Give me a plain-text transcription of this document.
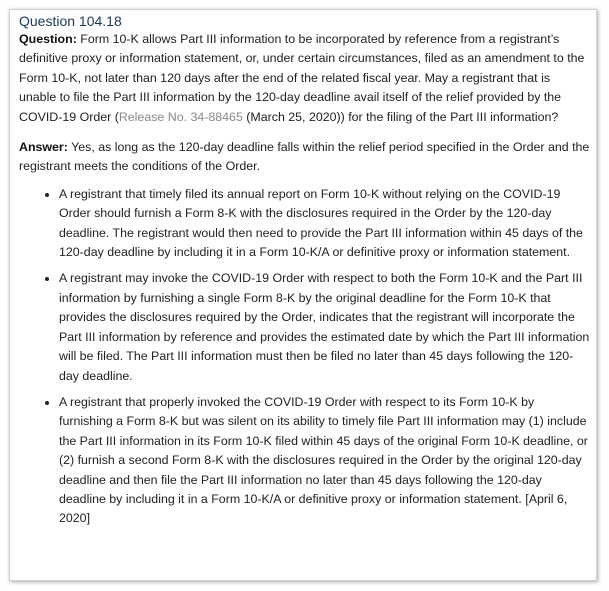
Question 104.18

Question: Form 10-K allows Part III information to be incorporated by reference from a registrant’s definitive proxy or information statement, or, under certain circumstances, filed as an amendment to the Form 10-K, not later than 120 days after the end of the related fiscal year. May a registrant that is unable to file the Part III information by the 120-day deadline avail itself of the relief provided by the COVID-19 Order (Release No. 34-88465 (March 25, 2020)) for the filing of the Part III information?

Answer: Yes, as long as the 120-day deadline falls within the relief period specified in the Order and the registrant meets the conditions of the Order.

• A registrant that timely filed its annual report on Form 10-K without relying on the COVID-19 Order should furnish a Form 8-K with the disclosures required in the Order by the 120-day deadline. The registrant would then need to provide the Part III information within 45 days of the 120-day deadline by including it in a Form 10-K/A or definitive proxy or information statement.
• A registrant may invoke the COVID-19 Order with respect to both the Form 10-K and the Part III information by furnishing a single Form 8-K by the original deadline for the Form 10-K that provides the disclosures required by the Order, indicates that the registrant will incorporate the Part III information by reference and provides the estimated date by which the Part III information will be filed. The Part III information must then be filed no later than 45 days following the 120-day deadline.
• A registrant that properly invoked the COVID-19 Order with respect to its Form 10-K by furnishing a Form 8-K but was silent on its ability to timely file Part III information may (1) include the Part III information in its Form 10-K filed within 45 days of the original Form 10-K deadline, or (2) furnish a second Form 8-K with the disclosures required in the Order by the original 120-day deadline and then file the Part III information no later than 45 days following the 120-day deadline by including it in a Form 10-K/A or definitive proxy or information statement. [April 6, 2020]
